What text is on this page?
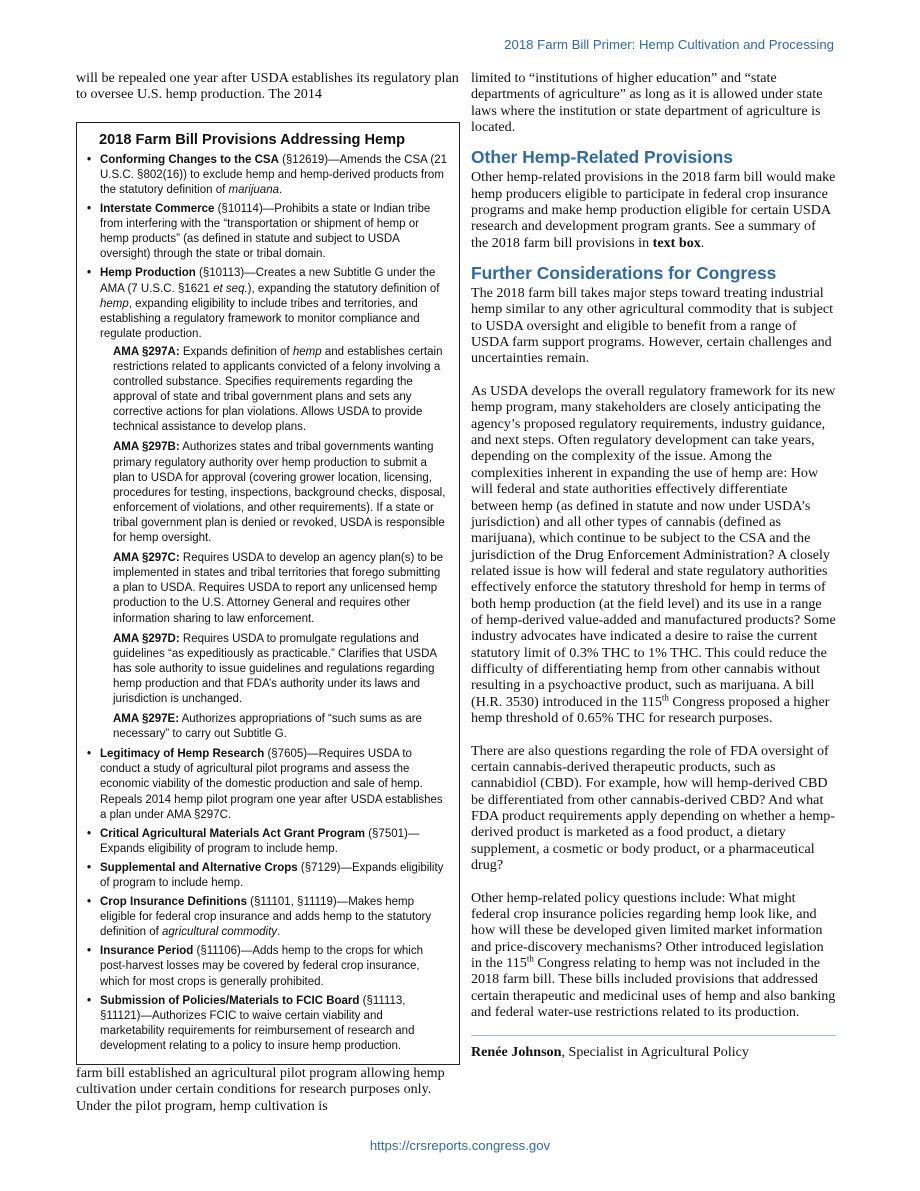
2018 Farm Bill Primer: Hemp Cultivation and Processing

will be repealed one year after USDA establishes its regulatory plan to oversee U.S. hemp production. The 2014

2018 Farm Bill Provisions Addressing Hemp
• Conforming Changes to the CSA (§12619)—Amends the CSA (21 U.S.C. §802(16)) to exclude hemp and hemp-derived products from the statutory definition of marijuana.
• Interstate Commerce (§10114)—Prohibits a state or Indian tribe from interfering with the “transportation or shipment of hemp or hemp products” (as defined in statute and subject to USDA oversight) through the state or tribal domain.
• Hemp Production (§10113)—Creates a new Subtitle G under the AMA (7 U.S.C. §1621 et seq.), expanding the statutory definition of hemp, expanding eligibility to include tribes and territories, and establishing a regulatory framework to monitor compliance and regulate production.

AMA §297A: Expands definition of hemp and establishes certain restrictions related to applicants convicted of a felony involving a controlled substance. Specifies requirements regarding the approval of state and tribal government plans and sets any corrective actions for plan violations. Allows USDA to provide technical assistance to develop plans.

AMA §297B: Authorizes states and tribal governments wanting primary regulatory authority over hemp production to submit a plan to USDA for approval (covering grower location, licensing, procedures for testing, inspections, background checks, disposal, enforcement of violations, and other requirements). If a state or tribal government plan is denied or revoked, USDA is responsible for hemp oversight.

AMA §297C: Requires USDA to develop an agency plan(s) to be implemented in states and tribal territories that forego submitting a plan to USDA. Requires USDA to report any unlicensed hemp production to the U.S. Attorney General and requires other information sharing to law enforcement.

AMA §297D: Requires USDA to promulgate regulations and guidelines “as expeditiously as practicable.” Clarifies that USDA has sole authority to issue guidelines and regulations regarding hemp production and that FDA’s authority under its laws and jurisdiction is unchanged.

AMA §297E: Authorizes appropriations of “such sums as are necessary” to carry out Subtitle G.

• Legitimacy of Hemp Research (§7605)—Requires USDA to conduct a study of agricultural pilot programs and assess the economic viability of the domestic production and sale of hemp. Repeals 2014 hemp pilot program one year after USDA establishes a plan under AMA §297C.
• Critical Agricultural Materials Act Grant Program (§7501)—Expands eligibility of program to include hemp.
• Supplemental and Alternative Crops (§7129)—Expands eligibility of program to include hemp.
• Crop Insurance Definitions (§11101, §11119)—Makes hemp eligible for federal crop insurance and adds hemp to the statutory definition of agricultural commodity.
• Insurance Period (§11106)—Adds hemp to the crops for which post-harvest losses may be covered by federal crop insurance, which for most crops is generally prohibited.
• Submission of Policies/Materials to FCIC Board (§11113, §11121)—Authorizes FCIC to waive certain viability and marketability requirements for reimbursement of research and development relating to a policy to insure hemp production.

farm bill established an agricultural pilot program allowing hemp cultivation under certain conditions for research purposes only. Under the pilot program, hemp cultivation is

limited to “institutions of higher education” and “state departments of agriculture” as long as it is allowed under state laws where the institution or state department of agriculture is located.

Other Hemp-Related Provisions

Other hemp-related provisions in the 2018 farm bill would make hemp producers eligible to participate in federal crop insurance programs and make hemp production eligible for certain USDA research and development program grants. See a summary of the 2018 farm bill provisions in text box.

Further Considerations for Congress

The 2018 farm bill takes major steps toward treating industrial hemp similar to any other agricultural commodity that is subject to USDA oversight and eligible to benefit from a range of USDA farm support programs. However, certain challenges and uncertainties remain.

As USDA develops the overall regulatory framework for its new hemp program, many stakeholders are closely anticipating the agency’s proposed regulatory requirements, industry guidance, and next steps. Often regulatory development can take years, depending on the complexity of the issue. Among the complexities inherent in expanding the use of hemp are: How will federal and state authorities effectively differentiate between hemp (as defined in statute and now under USDA’s jurisdiction) and all other types of cannabis (defined as marijuana), which continue to be subject to the CSA and the jurisdiction of the Drug Enforcement Administration? A closely related issue is how will federal and state regulatory authorities effectively enforce the statutory threshold for hemp in terms of both hemp production (at the field level) and its use in a range of hemp-derived value-added and manufactured products? Some industry advocates have indicated a desire to raise the current statutory limit of 0.3% THC to 1% THC. This could reduce the difficulty of differentiating hemp from other cannabis without resulting in a psychoactive product, such as marijuana. A bill (H.R. 3530) introduced in the 115th Congress proposed a higher hemp threshold of 0.65% THC for research purposes.

There are also questions regarding the role of FDA oversight of certain cannabis-derived therapeutic products, such as cannabidiol (CBD). For example, how will hemp-derived CBD be differentiated from other cannabis-derived CBD? And what FDA product requirements apply depending on whether a hemp-derived product is marketed as a food product, a dietary supplement, a cosmetic or body product, or a pharmaceutical drug?

Other hemp-related policy questions include: What might federal crop insurance policies regarding hemp look like, and how will these be developed given limited market information and price-discovery mechanisms? Other introduced legislation in the 115th Congress relating to hemp was not included in the 2018 farm bill. These bills included provisions that addressed certain therapeutic and medicinal uses of hemp and also banking and federal water-use restrictions related to its production.

Renée Johnson, Specialist in Agricultural Policy

https://crsreports.congress.gov
